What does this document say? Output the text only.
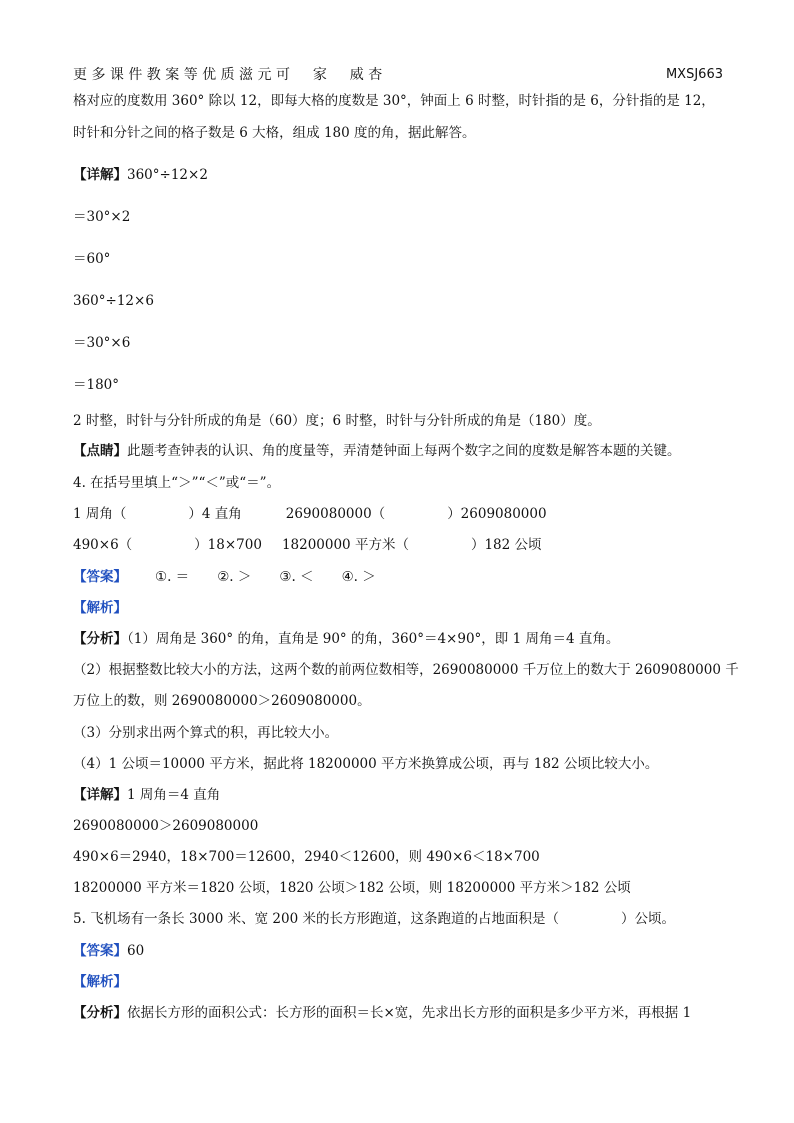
更 多 课 件 教 案 等 优 质 滋 元 可 　 家 　 威 杏	MXSJ663
格对应的度数用 360° 除以 12，即每大格的度数是 30°，钟面上 6 时整，时针指的是 6，分针指的是 12，
时针和分针之间的格子数是 6 大格，组成 180 度的角，据此解答。
【详解】360°÷12×2
＝30°×2
＝60°
360°÷12×6
＝30°×6
＝180°
2 时整，时针与分针所成的角是（60）度；6 时整，时针与分针所成的角是（180）度。
【点睛】此题考查钟表的认识、角的度量等，弄清楚钟面上每两个数字之间的度数是解答本题的关键。
4. 在括号里填上“＞”“＜”或“＝”。
1 周角（	）4 直角	2690080000（	）2609080000
490×6（	）18×700 18200000 平方米（	）182 公顷
【答案】 ①. ＝ ②. ＞ ③. ＜ ④. ＞
【解析】
【分析】（1）周角是 360° 的角，直角是 90° 的角，360°＝4×90°，即 1 周角＝4 直角。
（2）根据整数比较大小的方法，这两个数的前两位数相等，2690080000 千万位上的数大于 2609080000 千
万位上的数，则 2690080000＞2609080000。
（3）分别求出两个算式的积，再比较大小。
（4）1 公顷＝10000 平方米，据此将 18200000 平方米换算成公顷，再与 182 公顷比较大小。
【详解】1 周角＝4 直角
2690080000＞2609080000
490×6＝2940，18×700＝12600，2940＜12600，则 490×6＜18×700
18200000 平方米＝1820 公顷，1820 公顷＞182 公顷，则 18200000 平方米＞182 公顷
5. 飞机场有一条长 3000 米、宽 200 米的长方形跑道，这条跑道的占地面积是（	）公顷。
【答案】60
【解析】
【分析】依据长方形的面积公式：长方形的面积＝长×宽，先求出长方形的面积是多少平方米，再根据 1
